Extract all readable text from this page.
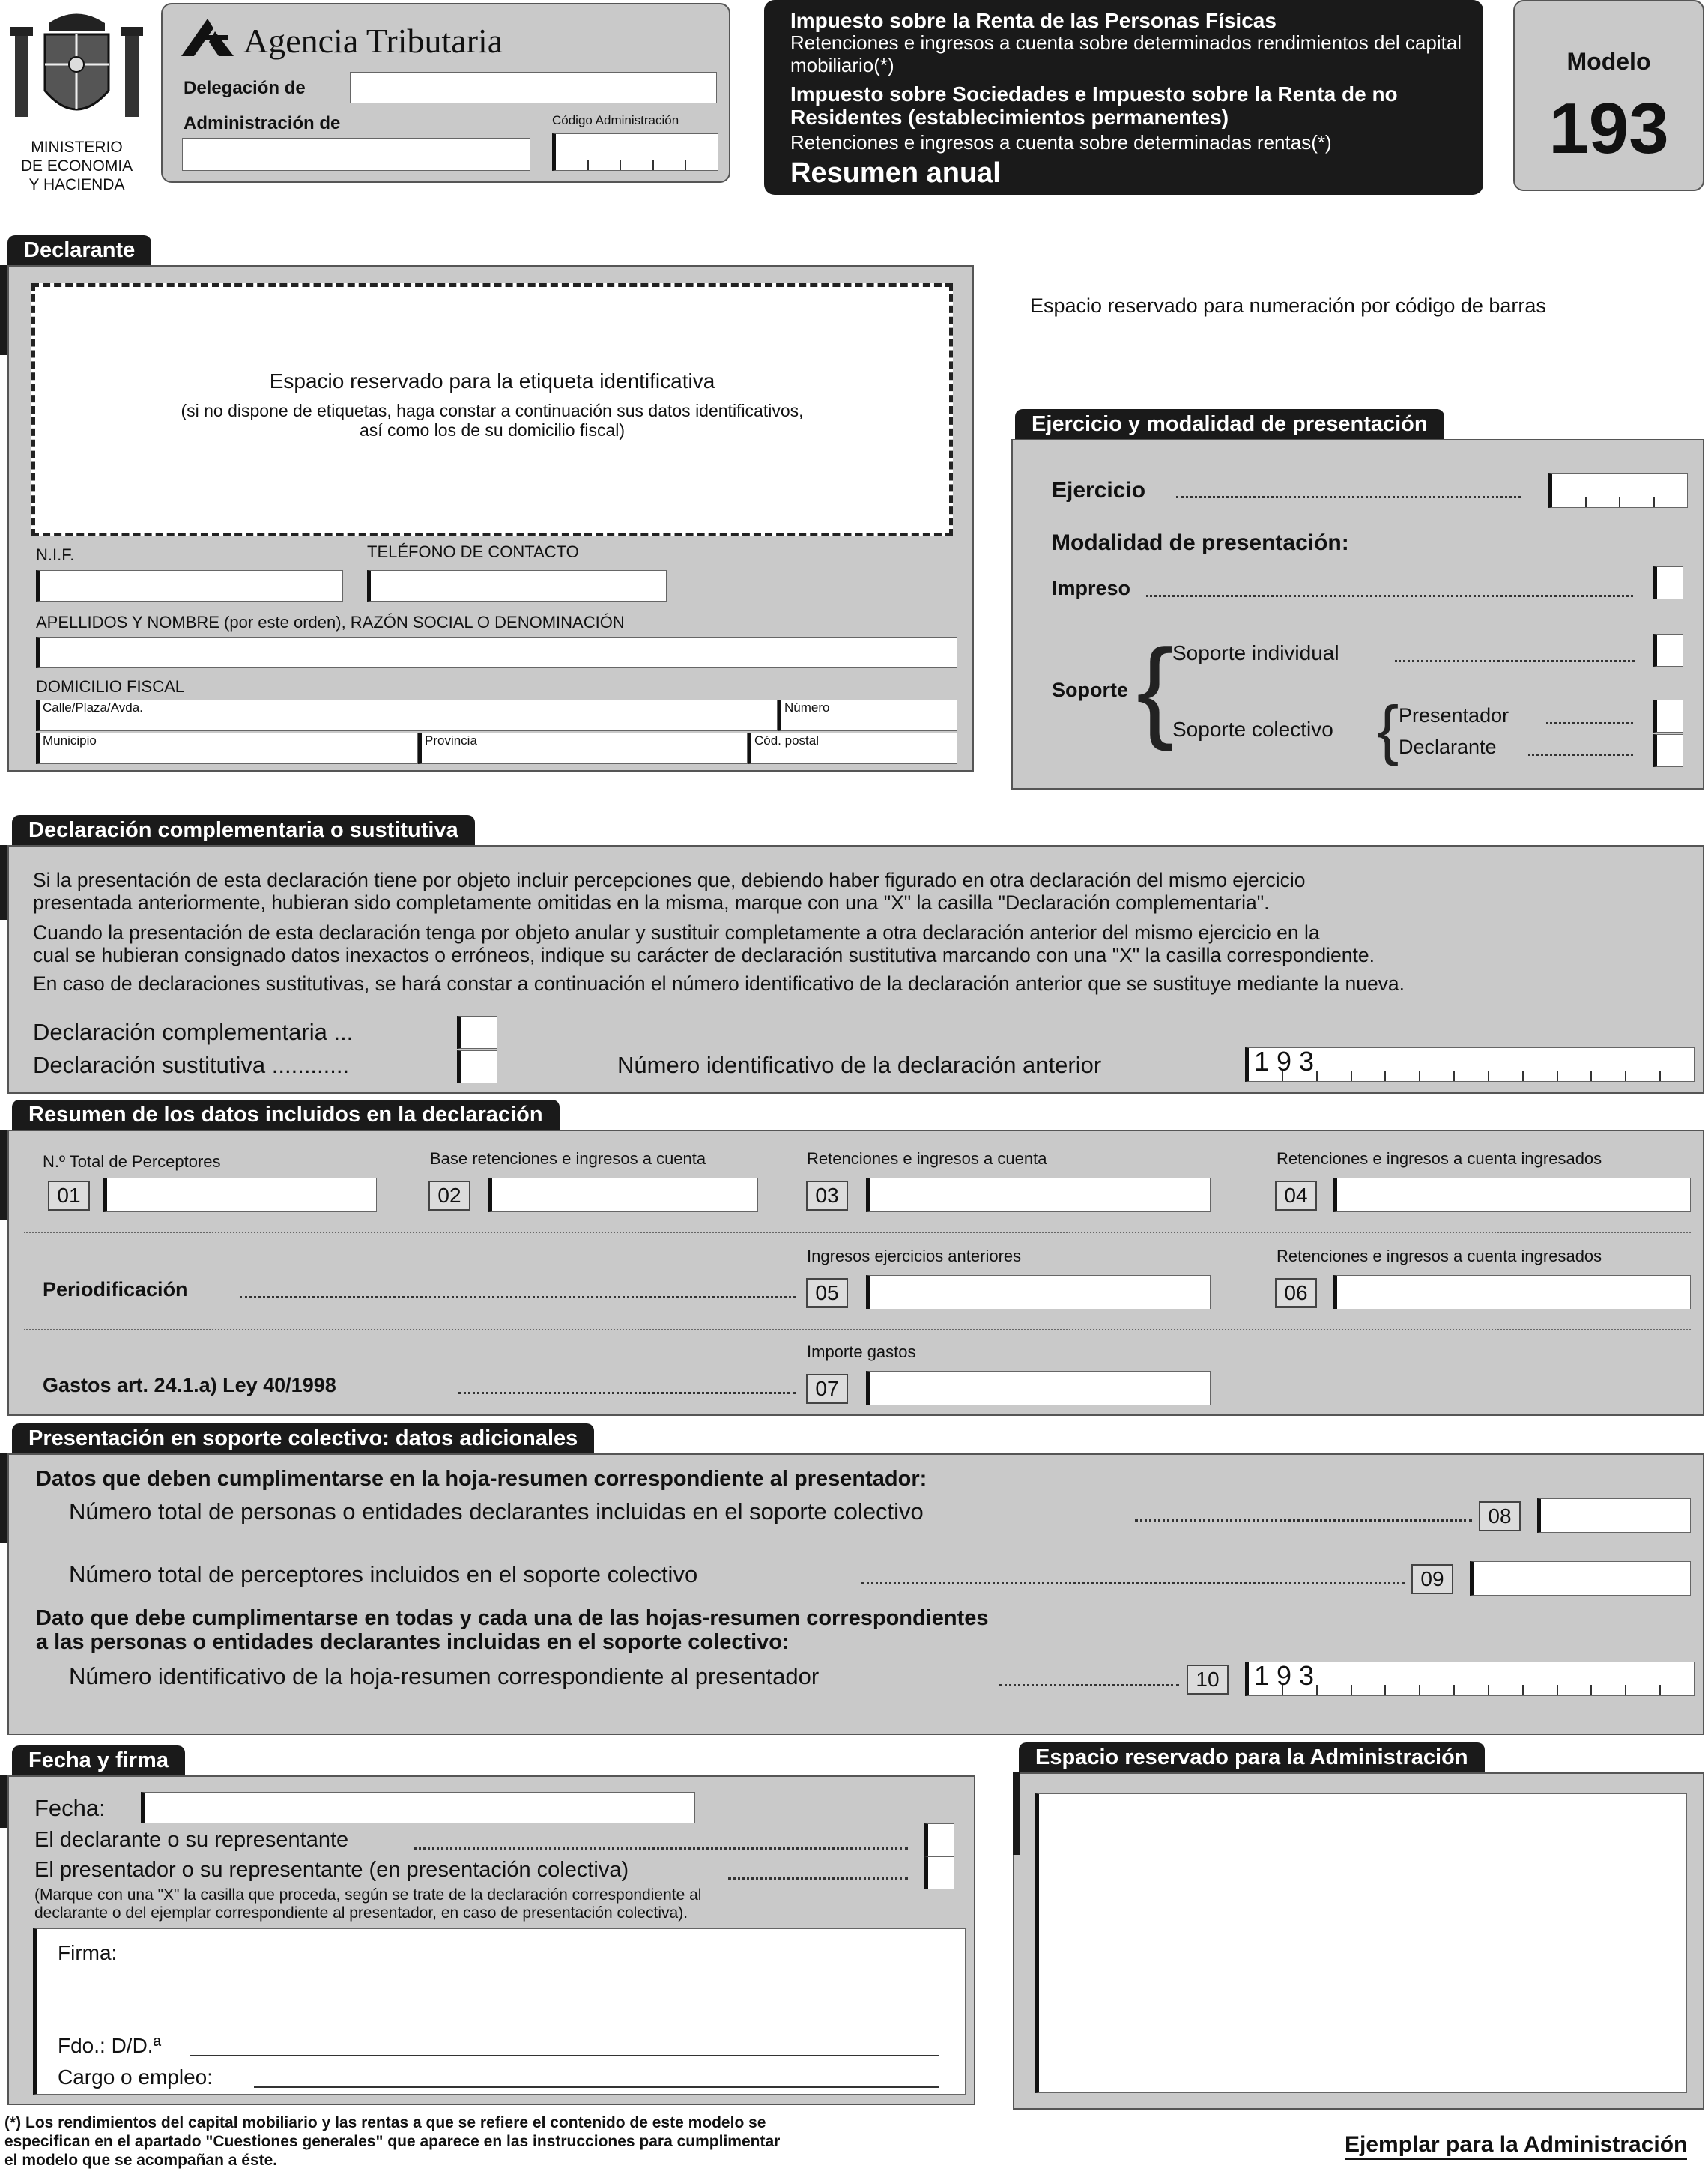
MINISTERIO
DE ECONOMIA
Y HACIENDA
Agencia Tributaria
Delegación de
Administración de	Código Administración
Impuesto sobre la Renta de las Personas Físicas
Retenciones e ingresos a cuenta sobre determinados rendimientos del capital mobiliario(*)
Impuesto sobre Sociedades e Impuesto sobre la Renta de no Residentes (establecimientos permanentes)
Retenciones e ingresos a cuenta sobre determinadas rentas(*)
Resumen anual
Modelo
193
Declarante
Espacio reservado para la etiqueta identificativa
(si no dispone de etiquetas, haga constar a continuación sus datos identificativos,
así como los de su domicilio fiscal)
N.I.F.	TELÉFONO DE CONTACTO
APELLIDOS Y NOMBRE (por este orden), RAZÓN SOCIAL O DENOMINACIÓN
DOMICILIO FISCAL
Calle/Plaza/Avda.	Número
Municipio	Provincia	Cód. postal
Espacio reservado para numeración por código de barras
Ejercicio y modalidad de presentación
Ejercicio
Modalidad de presentación:
Impreso
Soporte {
Soporte individual
Soporte colectivo { Presentador
Declarante
Declaración complementaria o sustitutiva
Si la presentación de esta declaración tiene por objeto incluir percepciones que, debiendo haber figurado en otra declaración del mismo ejercicio
presentada anteriormente, hubieran sido completamente omitidas en la misma, marque con una "X" la casilla "Declaración complementaria".
Cuando la presentación de esta declaración tenga por objeto anular y sustituir completamente a otra declaración anterior del mismo ejercicio en la
cual se hubieran consignado datos inexactos o erróneos, indique su carácter de declaración sustitutiva marcando con una "X" la casilla correspondiente.
En caso de declaraciones sustitutivas, se hará constar a continuación el número identificativo de la declaración anterior que se sustituye mediante la nueva.
Declaración complementaria ...
Declaración sustitutiva ............	Número identificativo de la declaración anterior	1 9 3
Resumen de los datos incluidos en la declaración
N.º Total de Perceptores
01
Base retenciones e ingresos a cuenta
02
Retenciones e ingresos a cuenta
03
Retenciones e ingresos a cuenta ingresados
04
Periodificación
Ingresos ejercicios anteriores
05
Retenciones e ingresos a cuenta ingresados
06
Gastos art. 24.1.a) Ley 40/1998
Importe gastos
07
Presentación en soporte colectivo: datos adicionales
Datos que deben cumplimentarse en la hoja-resumen correspondiente al presentador:
Número total de personas o entidades declarantes incluidas en el soporte colectivo	08
Número total de perceptores incluidos en el soporte colectivo	09
Dato que debe cumplimentarse en todas y cada una de las hojas-resumen correspondientes
a las personas o entidades declarantes incluidas en el soporte colectivo:
Número identificativo de la hoja-resumen correspondiente al presentador	10	1 9 3
Fecha y firma
Fecha:
El declarante o su representante
El presentador o su representante (en presentación colectiva)
(Marque con una "X" la casilla que proceda, según se trate de la declaración correspondiente al
declarante o del ejemplar correspondiente al presentador, en caso de presentación colectiva).
Firma:
Fdo.: D/D.ª
Cargo o empleo:
Espacio reservado para la Administración
(*) Los rendimientos del capital mobiliario y las rentas a que se refiere el contenido de este modelo se
especifican en el apartado "Cuestiones generales" que aparece en las instrucciones para cumplimentar
el modelo que se acompañan a éste.
Ejemplar para la Administración
